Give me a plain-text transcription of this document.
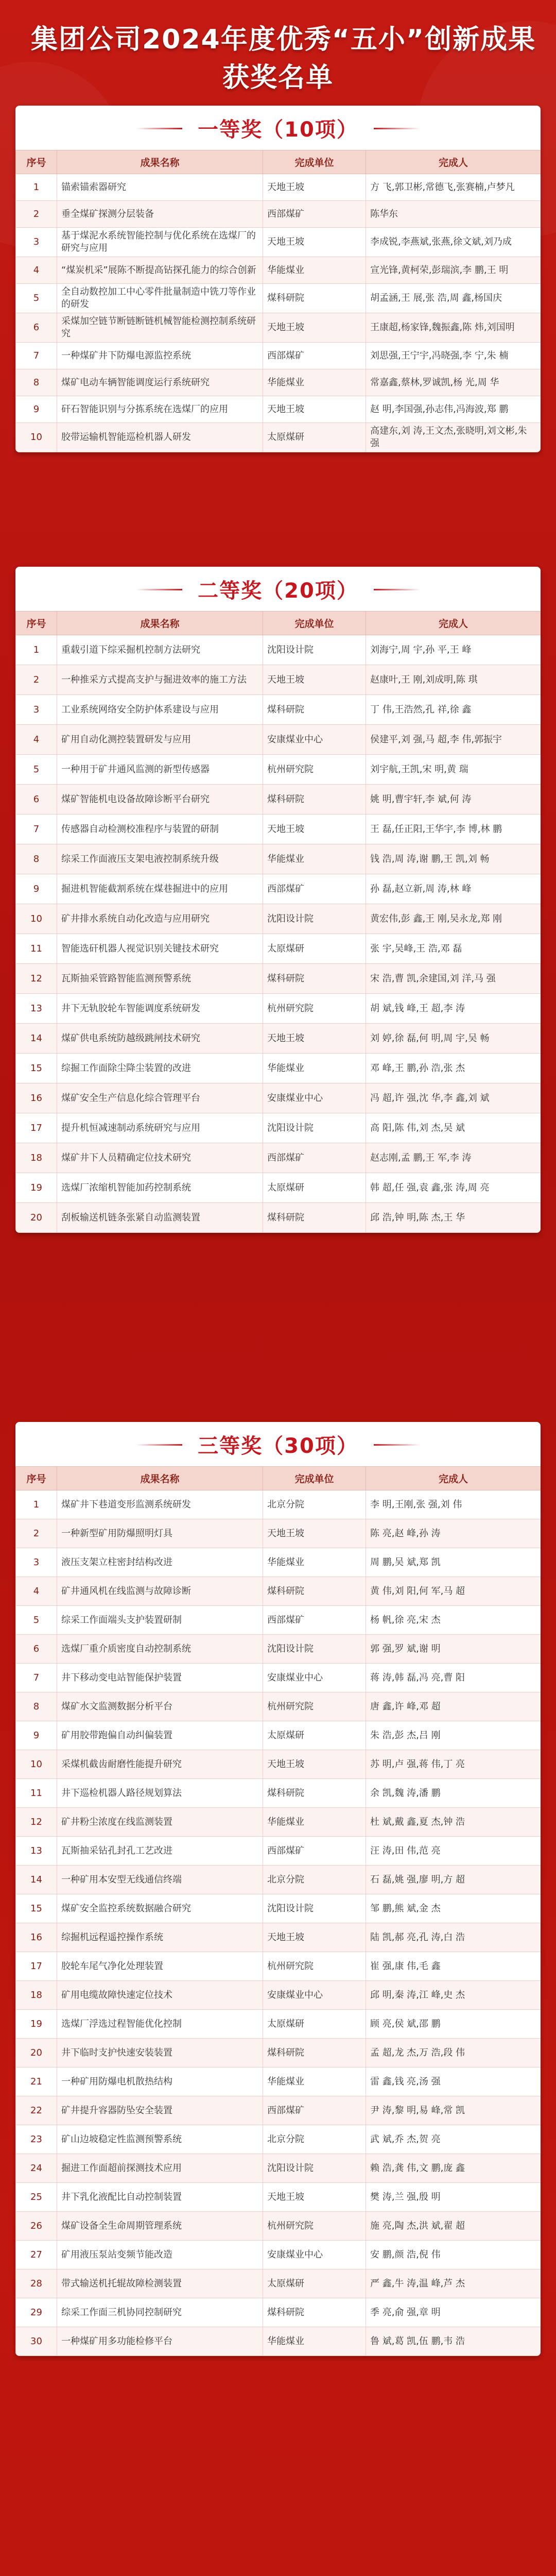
集团公司2024年度优秀“五小”创新成果
获奖名单
一等奖（10项）
序号	成果名称	完成单位	完成人
1	锚索锚索器研究	天地王坡	方 飞,郭卫彬,常德飞,张赛楠,卢梦凡
2	垂全煤矿探测分层装备	西部煤矿	陈华东
3	基于煤泥水系统智能控制与优化系统在选煤厂的研究与应用	天地王坡	李成锐,李燕斌,张燕,徐文斌,刘乃成
4	“煤炭机采”展陈不断提高钻探孔能力的综合创新	华能煤业	宣光锋,黄柯荣,彭瑞滨,李 鹏,王 明
5	全自动数控加工中心零件批量制造中铣刀等作业的研发	煤科研院	胡孟涵,王 展,张 浩,周 鑫,杨国庆
6	采煤加空链节断链断链机械智能检测控制系统研究	天地王坡	王康超,杨家锋,魏振鑫,陈 炜,刘国明
7	一种煤矿井下防爆电源监控系统	西部煤矿	刘思强,王宁宇,冯晓强,李 宁,朱 楠
8	煤矿电动车辆智能调度运行系统研究	华能煤业	常嘉鑫,蔡林,罗诚凯,杨 光,周 华
9	矸石智能识别与分拣系统在选煤厂的应用	天地王坡	赵 明,李国强,孙志伟,冯海波,郑 鹏
10	胶带运输机智能巡检机器人研发	太原煤研	高建东,刘 涛,王文杰,张晓明,刘文彬,朱 强
二等奖（20项）
序号	成果名称	完成单位	完成人
1	重载引道下综采掘机控制方法研究	沈阳设计院	刘海宁,周 宇,孙 平,王 峰
2	一种推采方式提高支护与掘进效率的施工方法	天地王坡	赵康叶,王 刚,刘成明,陈 琪
3	工业系统网络安全防护体系建设与应用	煤科研院	丁 伟,王浩然,孔 祥,徐 鑫
4	矿用自动化测控装置研发与应用	安康煤业中心	侯建平,刘 强,马 超,李 伟,郭振宇
5	一种用于矿井通风监测的新型传感器	杭州研究院	刘宇航,王凯,宋 明,黄 瑞
6	煤矿智能机电设备故障诊断平台研究	煤科研院	姚 明,曹宇轩,李 斌,何 涛
7	传感器自动检测校准程序与装置的研制	天地王坡	王 磊,任正阳,王华宇,李 博,林 鹏
8	综采工作面液压支架电液控制系统升级	华能煤业	钱 浩,周 涛,谢 鹏,王 凯,刘 畅
9	掘进机智能截割系统在煤巷掘进中的应用	西部煤矿	孙 磊,赵立新,周 涛,林 峰
10	矿井排水系统自动化改造与应用研究	沈阳设计院	黄宏伟,彭 鑫,王 刚,吴永龙,郑 刚
11	智能选矸机器人视觉识别关键技术研究	太原煤研	张 宇,吴峰,王 浩,邓 磊
12	瓦斯抽采管路智能监测预警系统	煤科研院	宋 浩,曹 凯,余建国,刘 洋,马 强
13	井下无轨胶轮车智能调度系统研发	杭州研究院	胡 斌,钱 峰,王 超,李 涛
14	煤矿供电系统防越级跳闸技术研究	天地王坡	刘 婷,徐 磊,何 明,周 宇,吴 畅
15	综掘工作面除尘降尘装置的改进	华能煤业	邓 峰,王 鹏,孙 浩,张 杰
16	煤矿安全生产信息化综合管理平台	安康煤业中心	冯 超,许 强,沈 华,李 鑫,刘 斌
17	提升机恒减速制动系统研究与应用	沈阳设计院	高 阳,陈 伟,刘 杰,吴 斌
18	煤矿井下人员精确定位技术研究	西部煤矿	赵志刚,孟 鹏,王 军,李 涛
19	选煤厂浓缩机智能加药控制系统	太原煤研	韩 超,任 强,袁 鑫,张 涛,周 亮
20	刮板输送机链条张紧自动监测装置	煤科研院	邱 浩,钟 明,陈 杰,王 华
三等奖（30项）
序号	成果名称	完成单位	完成人
1	煤矿井下巷道变形监测系统研发	北京分院	李 明,王刚,张 强,刘 伟
2	一种新型矿用防爆照明灯具	天地王坡	陈 亮,赵 峰,孙 涛
3	液压支架立柱密封结构改进	华能煤业	周 鹏,吴 斌,郑 凯
4	矿井通风机在线监测与故障诊断	煤科研院	黄 伟,刘 阳,何 军,马 超
5	综采工作面端头支护装置研制	西部煤矿	杨 帆,徐 亮,宋 杰
6	选煤厂重介质密度自动控制系统	沈阳设计院	郭 强,罗 斌,谢 明
7	井下移动变电站智能保护装置	安康煤业中心	蒋 涛,韩 磊,冯 亮,曹 阳
8	煤矿水文监测数据分析平台	杭州研究院	唐 鑫,许 峰,邓 超
9	矿用胶带跑偏自动纠偏装置	太原煤研	朱 浩,彭 杰,吕 刚
10	采煤机截齿耐磨性能提升研究	天地王坡	苏 明,卢 强,蒋 伟,丁 亮
11	井下巡检机器人路径规划算法	煤科研院	余 凯,魏 涛,潘 鹏
12	矿井粉尘浓度在线监测装置	华能煤业	杜 斌,戴 鑫,夏 杰,钟 浩
13	瓦斯抽采钻孔封孔工艺改进	西部煤矿	汪 涛,田 伟,范 亮
14	一种矿用本安型无线通信终端	北京分院	石 磊,姚 强,廖 明,方 超
15	煤矿安全监控系统数据融合研究	沈阳设计院	邹 鹏,熊 斌,金 杰
16	综掘机远程遥控操作系统	天地王坡	陆 凯,郝 亮,孔 涛,白 浩
17	胶轮车尾气净化处理装置	杭州研究院	崔 强,康 伟,毛 鑫
18	矿用电缆故障快速定位技术	安康煤业中心	邱 明,秦 涛,江 峰,史 杰
19	选煤厂浮选过程智能优化控制	太原煤研	顾 亮,侯 斌,邵 鹏
20	井下临时支护快速安装装置	煤科研院	孟 超,龙 杰,万 浩,段 伟
21	一种矿用防爆电机散热结构	华能煤业	雷 鑫,钱 亮,汤 强
22	矿井提升容器防坠安全装置	西部煤矿	尹 涛,黎 明,易 峰,常 凯
23	矿山边坡稳定性监测预警系统	北京分院	武 斌,乔 杰,贺 亮
24	掘进工作面超前探测技术应用	沈阳设计院	赖 浩,龚 伟,文 鹏,庞 鑫
25	井下乳化液配比自动控制装置	天地王坡	樊 涛,兰 强,殷 明
26	煤矿设备全生命周期管理系统	杭州研究院	施 亮,陶 杰,洪 斌,翟 超
27	矿用液压泵站变频节能改造	安康煤业中心	安 鹏,颜 浩,倪 伟
28	带式输送机托辊故障检测装置	太原煤研	严 鑫,牛 涛,温 峰,芦 杰
29	综采工作面三机协同控制研究	煤科研院	季 亮,俞 强,章 明
30	一种煤矿用多功能检修平台	华能煤业	鲁 斌,葛 凯,伍 鹏,韦 浩
